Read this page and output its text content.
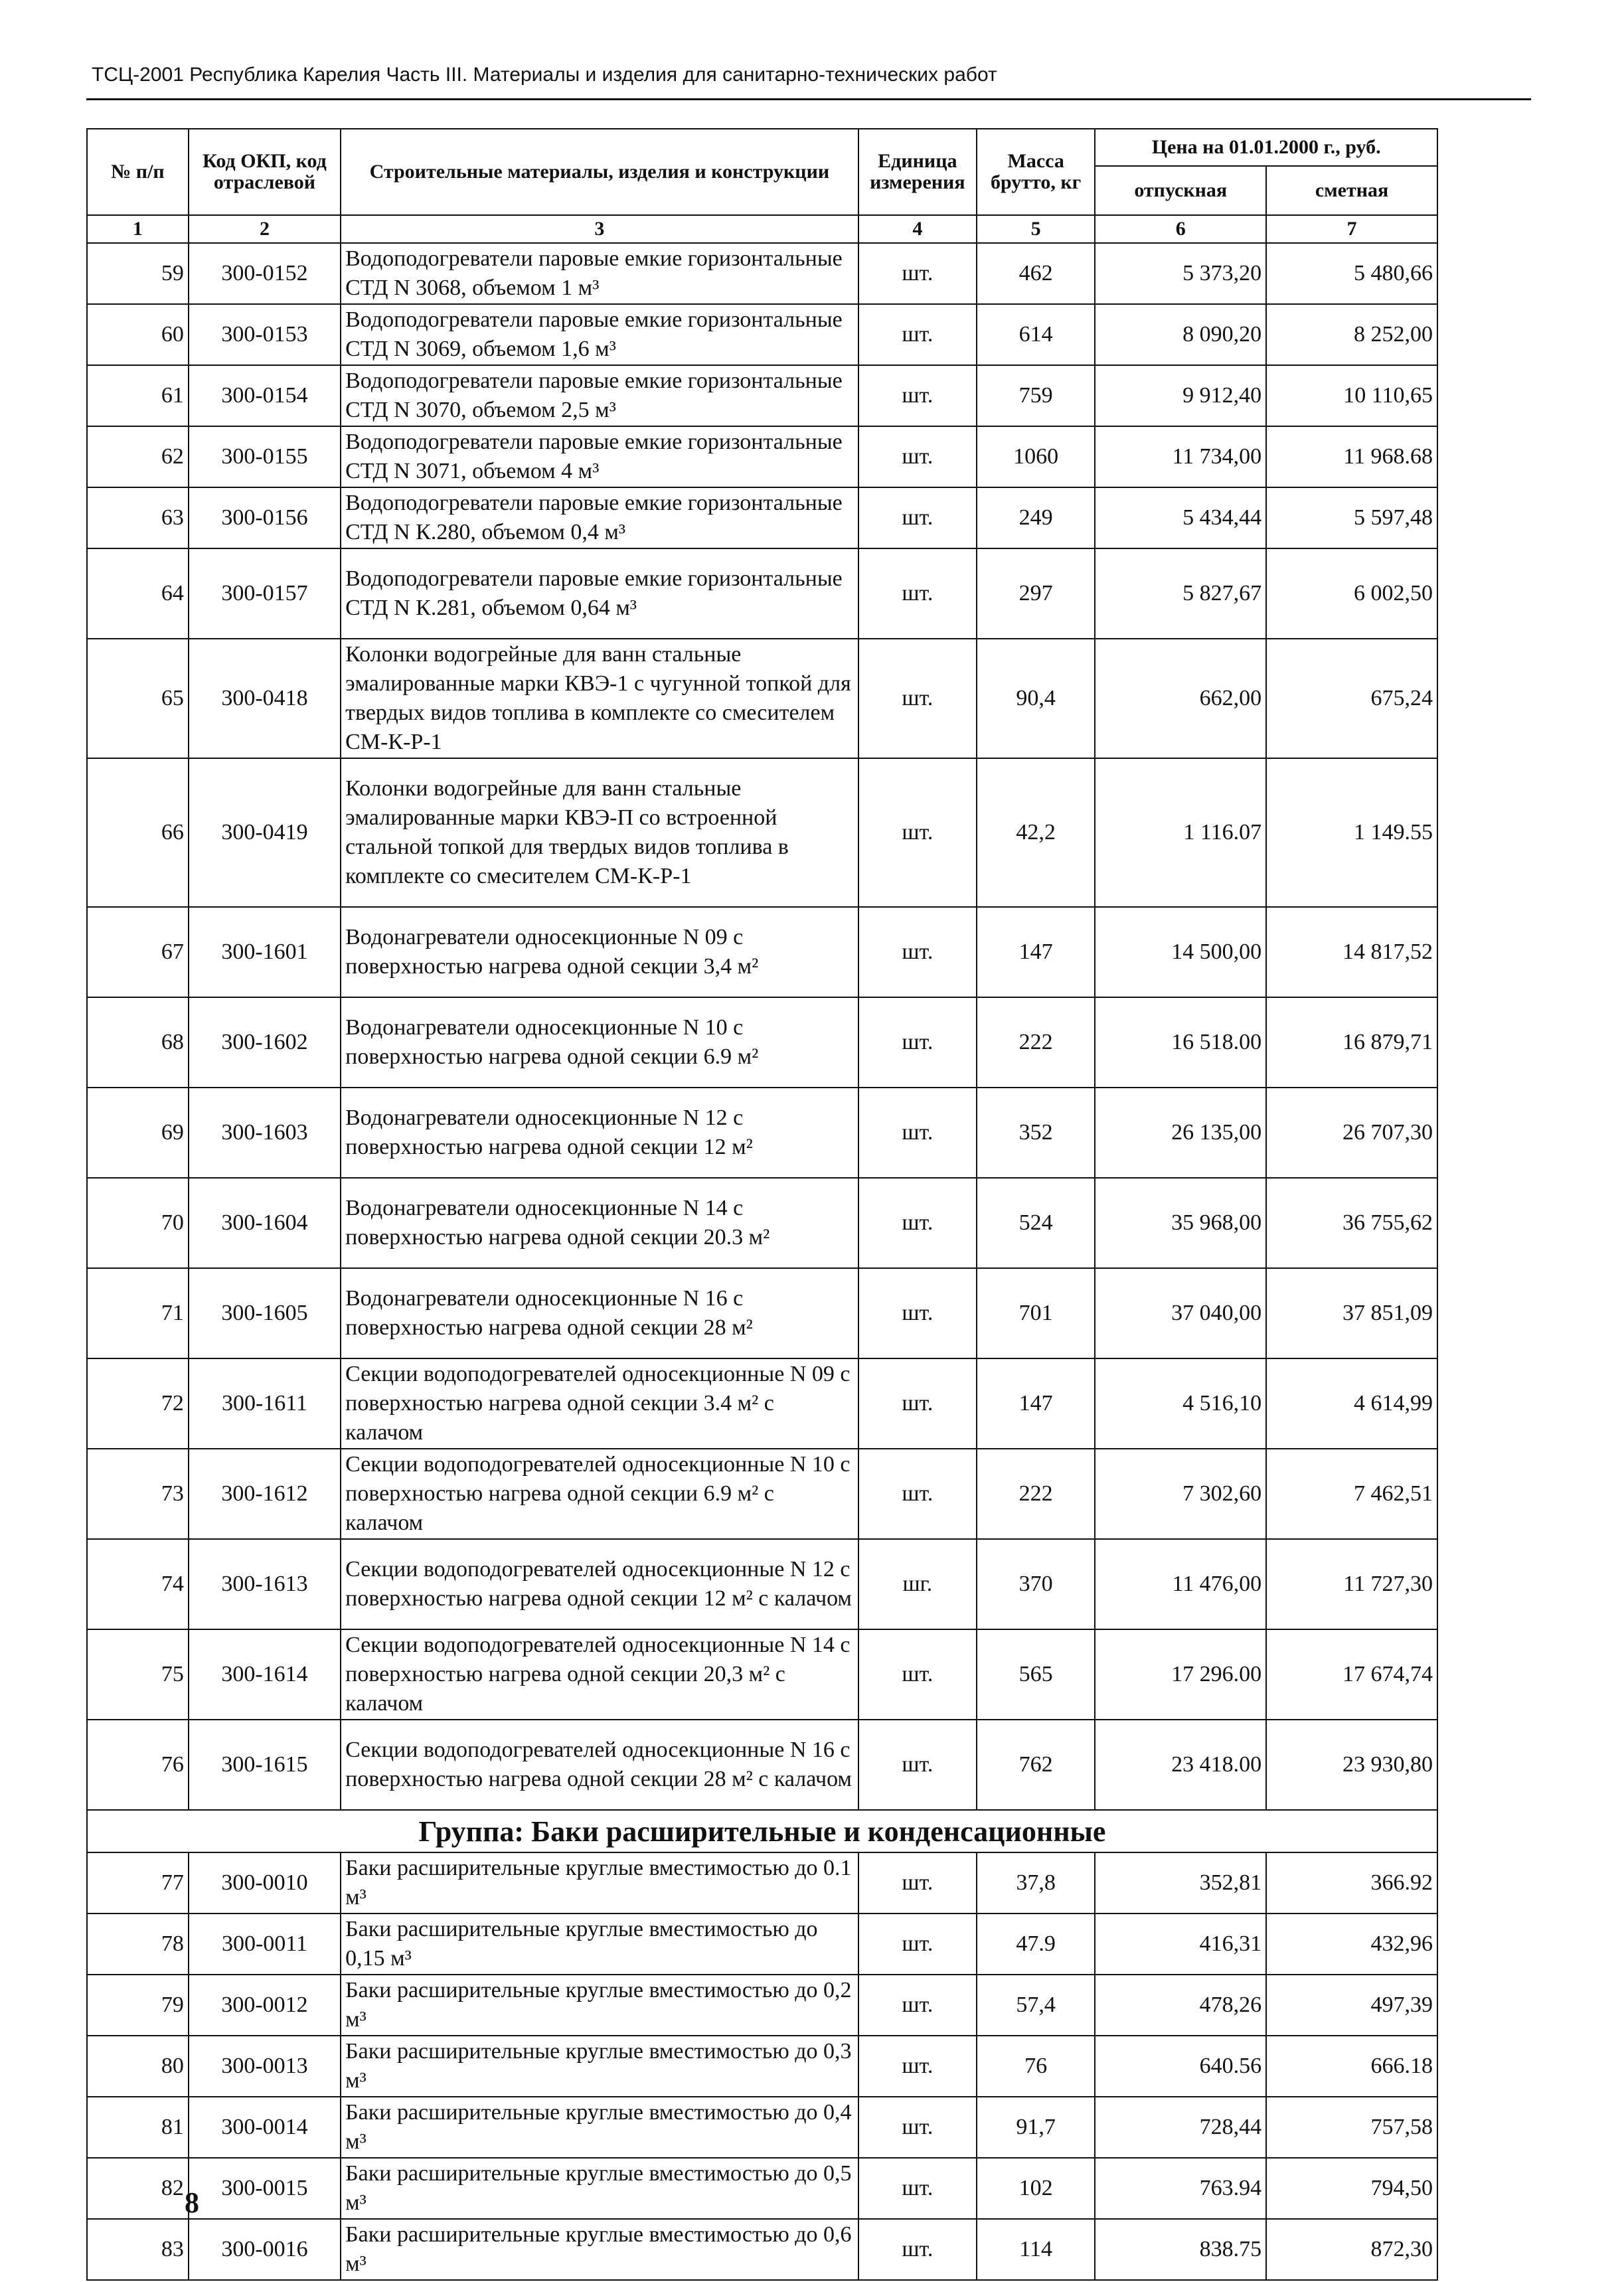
ТСЦ-2001 Республика Карелия Часть III. Материалы и изделия для санитарно-технических работ
№ п/п	Код ОКП, код отраслевой	Строительные материалы, изделия и конструкции	Единица измерения	Масса брутто, кг	Цена на 01.01.2000 г., руб.	
					отпускная	сметная
1	2	3	4	5	6	7
59	300-0152	Водоподогреватели паровые емкие горизонтальные СТД N 3068, объемом 1 м³	шт.	462	5 373,20	5 480,66
60	300-0153	Водоподогреватели паровые емкие горизонтальные СТД N 3069, объемом 1,6 м³	шт.	614	8 090,20	8 252,00
61	300-0154	Водоподогреватели паровые емкие горизонтальные СТД N 3070, объемом 2,5 м³	шт.	759	9 912,40	10 110,65
62	300-0155	Водоподогреватели паровые емкие горизонтальные СТД N 3071, объемом 4 м³	шт.	1060	11 734,00	11 968.68
63	300-0156	Водоподогреватели паровые емкие горизонтальные СТД N К.280, объемом 0,4 м³	шт.	249	5 434,44	5 597,48
64	300-0157	Водоподогреватели паровые емкие горизонтальные СТД N К.281, объемом 0,64 м³	шт.	297	5 827,67	6 002,50
65	300-0418	Колонки водогрейные для ванн стальные эмалированные марки КВЭ-1 с чугунной топкой для твердых видов топлива в комплекте со смесителем СМ-К-Р-1	шт.	90,4	662,00	675,24
66	300-0419	Колонки водогрейные для ванн стальные эмалированные марки КВЭ-П со встроенной стальной топкой для твердых видов топлива в комплекте со смесителем СМ-К-Р-1	шт.	42,2	1 116.07	1 149.55
67	300-1601	Водонагреватели односекционные N 09 с поверхностью нагрева одной секции 3,4 м²	шт.	147	14 500,00	14 817,52
68	300-1602	Водонагреватели односекционные N 10 с поверхностью нагрева одной секции 6.9 м²	шт.	222	16 518.00	16 879,71
69	300-1603	Водонагреватели односекционные N 12 с поверхностью нагрева одной секции 12 м²	шт.	352	26 135,00	26 707,30
70	300-1604	Водонагреватели односекционные N 14 с поверхностью нагрева одной секции 20.3 м²	шт.	524	35 968,00	36 755,62
71	300-1605	Водонагреватели односекционные N 16 с поверхностью нагрева одной секции 28 м²	шт.	701	37 040,00	37 851,09
72	300-1611	Секции водоподогревателей односекционные N 09 с поверхностью нагрева одной секции 3.4 м² с калачом	шт.	147	4 516,10	4 614,99
73	300-1612	Секции водоподогревателей односекционные N 10 с поверхностью нагрева одной секции 6.9 м² с калачом	шт.	222	7 302,60	7 462,51
74	300-1613	Секции водоподогревателей односекционные N 12 с поверхностью нагрева одной секции 12 м² с калачом	шг.	370	11 476,00	11 727,30
75	300-1614	Секции водоподогревателей односекционные N 14 с поверхностью нагрева одной секции 20,3 м² с калачом	шт.	565	17 296.00	17 674,74
76	300-1615	Секции водоподогревателей односекционные N 16 с поверхностью нагрева одной секции 28 м² с калачом	шт.	762	23 418.00	23 930,80
Группа: Баки расширительные и конденсационные						
77	300-0010	Баки расширительные круглые вместимостью до 0.1 м³	шт.	37,8	352,81	366.92
78	300-0011	Баки расширительные круглые вместимостью до 0,15 м³	шт.	47.9	416,31	432,96
79	300-0012	Баки расширительные круглые вместимостью до 0,2 м³	шт.	57,4	478,26	497,39
80	300-0013	Баки расширительные круглые вместимостью до 0,3 м³	шт.	76	640.56	666.18
81	300-0014	Баки расширительные круглые вместимостью до 0,4 м³	шт.	91,7	728,44	757,58
82	300-0015	Баки расширительные круглые вместимостью до 0,5 м³	шт.	102	763.94	794,50
83	300-0016	Баки расширительные круглые вместимостью до 0,6 м³	шт.	114	838.75	872,30
8
